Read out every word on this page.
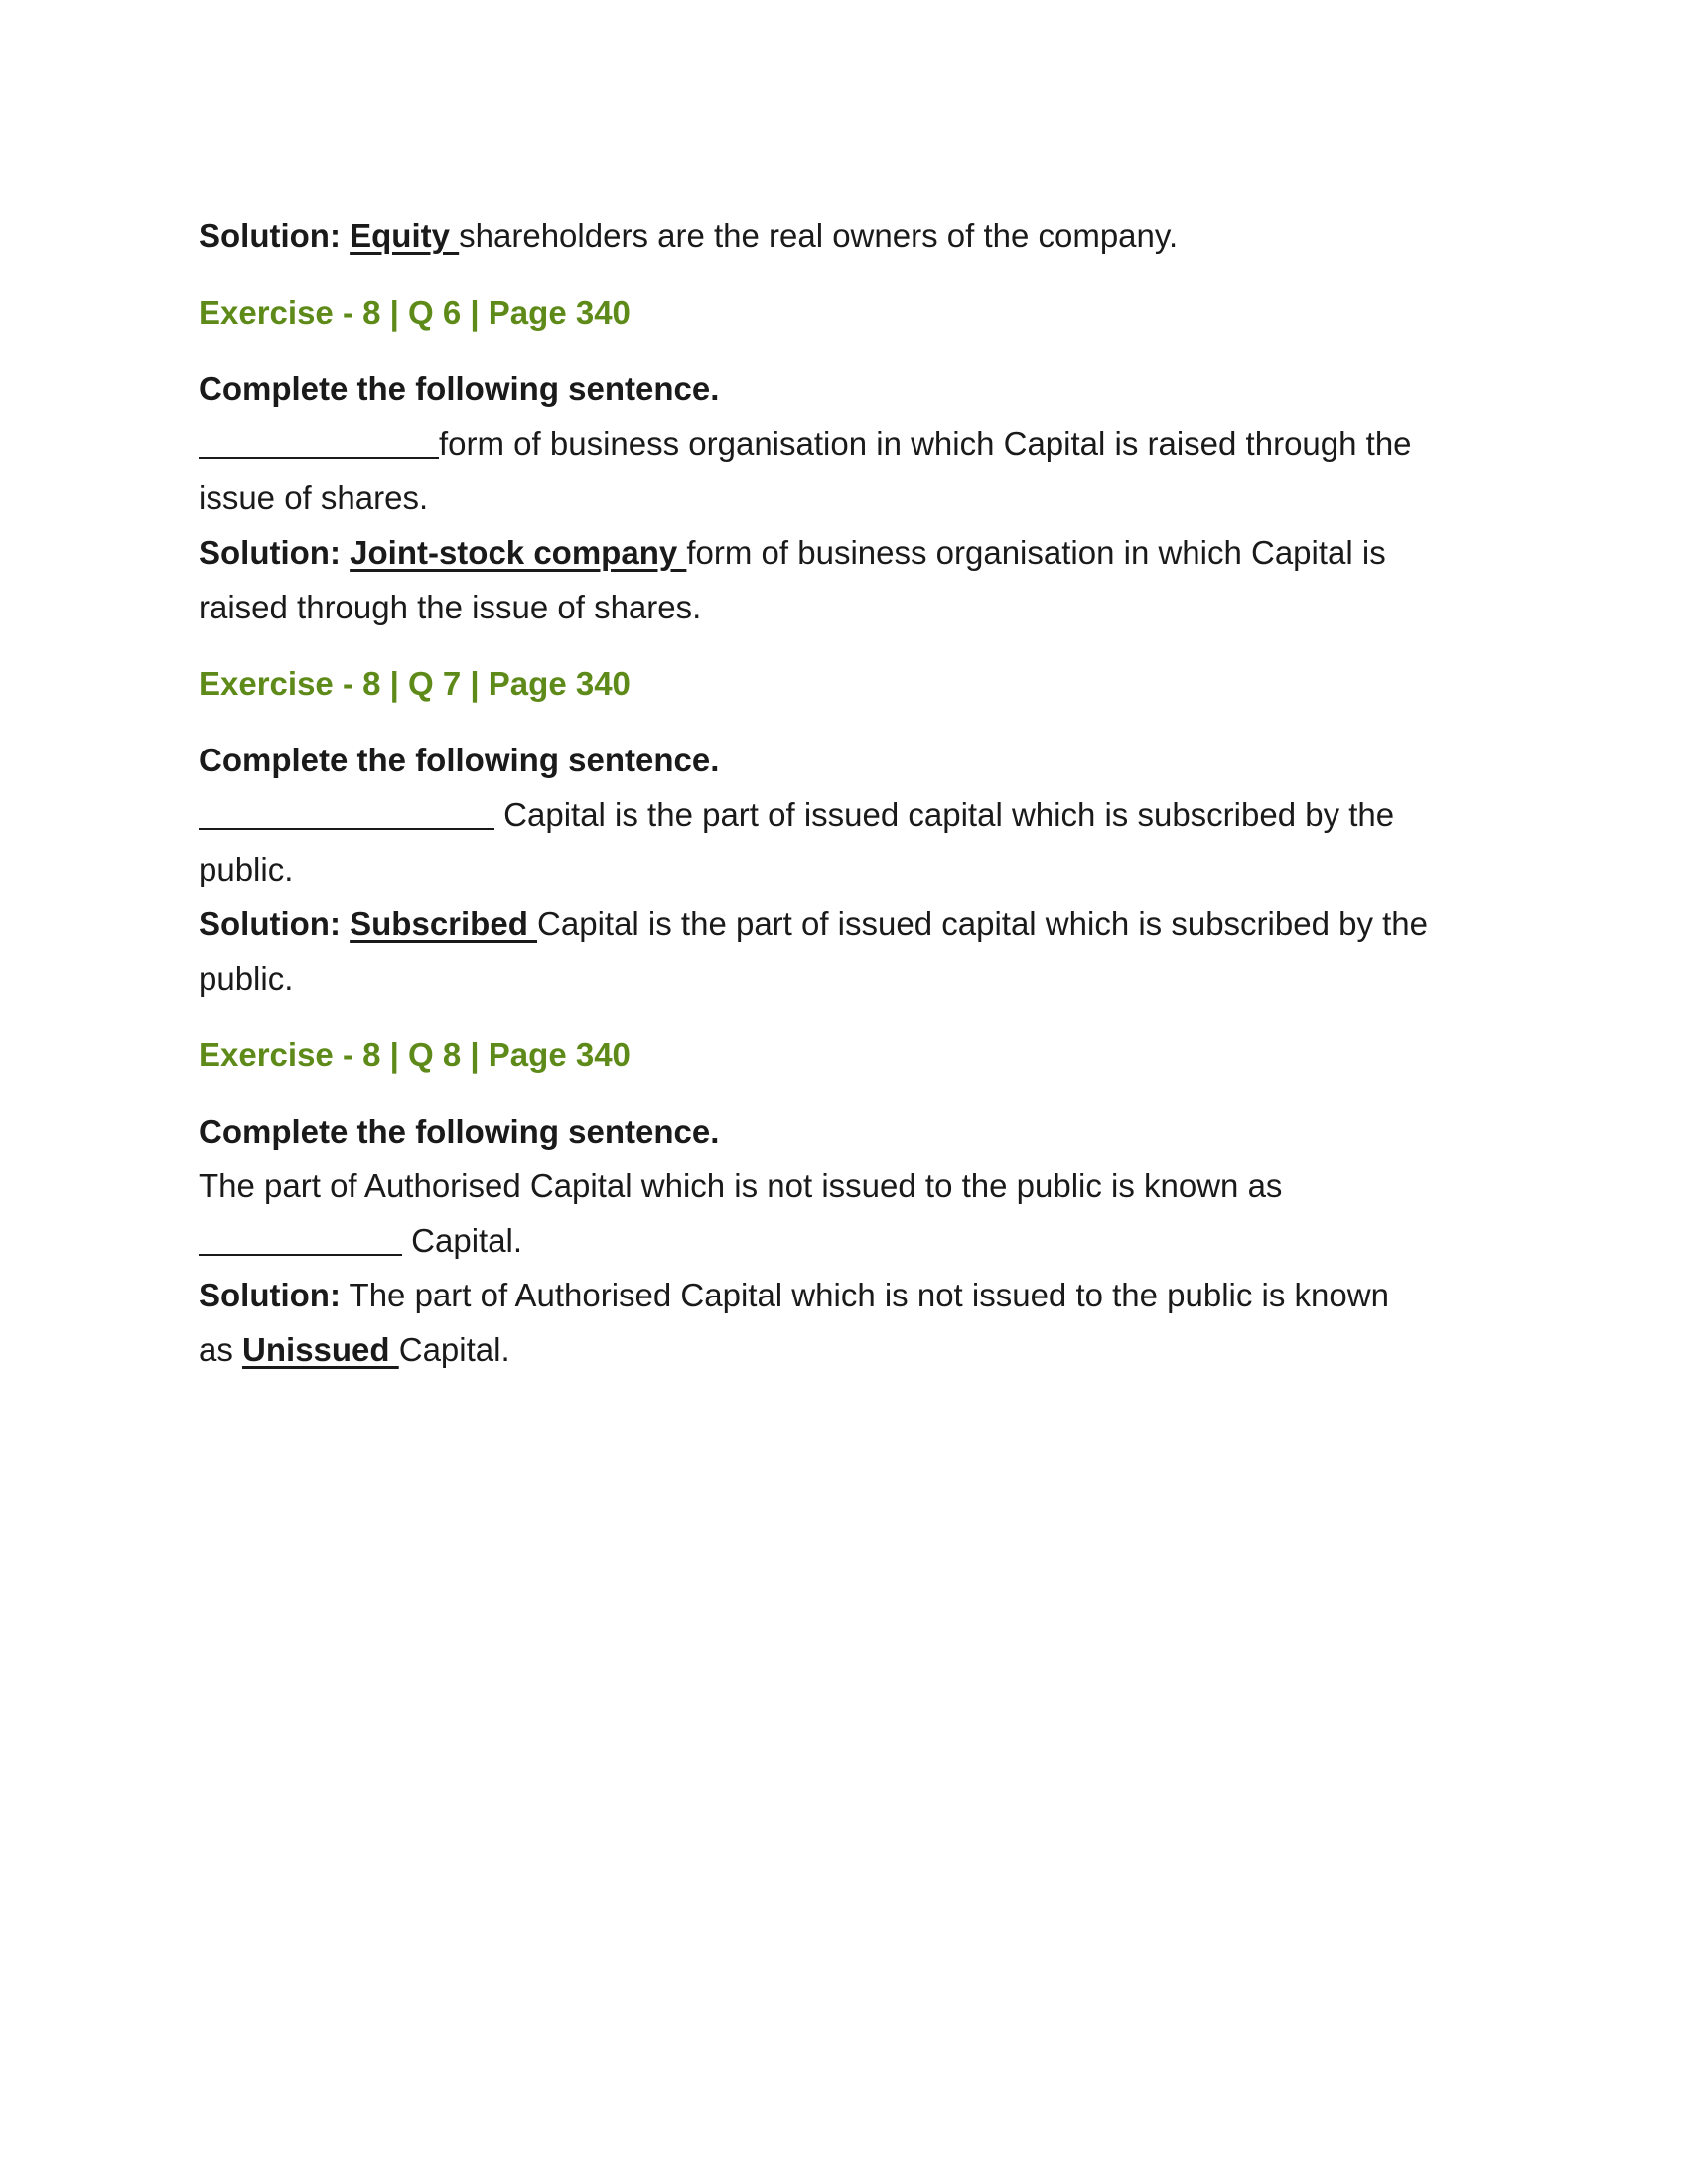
Solution: Equity shareholders are the real owners of the company.

Exercise - 8 | Q 6 | Page 340

Complete the following sentence.

form of business organisation in which Capital is raised through the

issue of shares.

Solution: Joint-stock company form of business organisation in which Capital is

raised through the issue of shares.

Exercise - 8 | Q 7 | Page 340

Complete the following sentence.

Capital is the part of issued capital which is subscribed by the

public.

Solution: Subscribed Capital is the part of issued capital which is subscribed by the

public.

Exercise - 8 | Q 8 | Page 340

Complete the following sentence.

The part of Authorised Capital which is not issued to the public is known as

Capital.

Solution: The part of Authorised Capital which is not issued to the public is known

as Unissued Capital.
